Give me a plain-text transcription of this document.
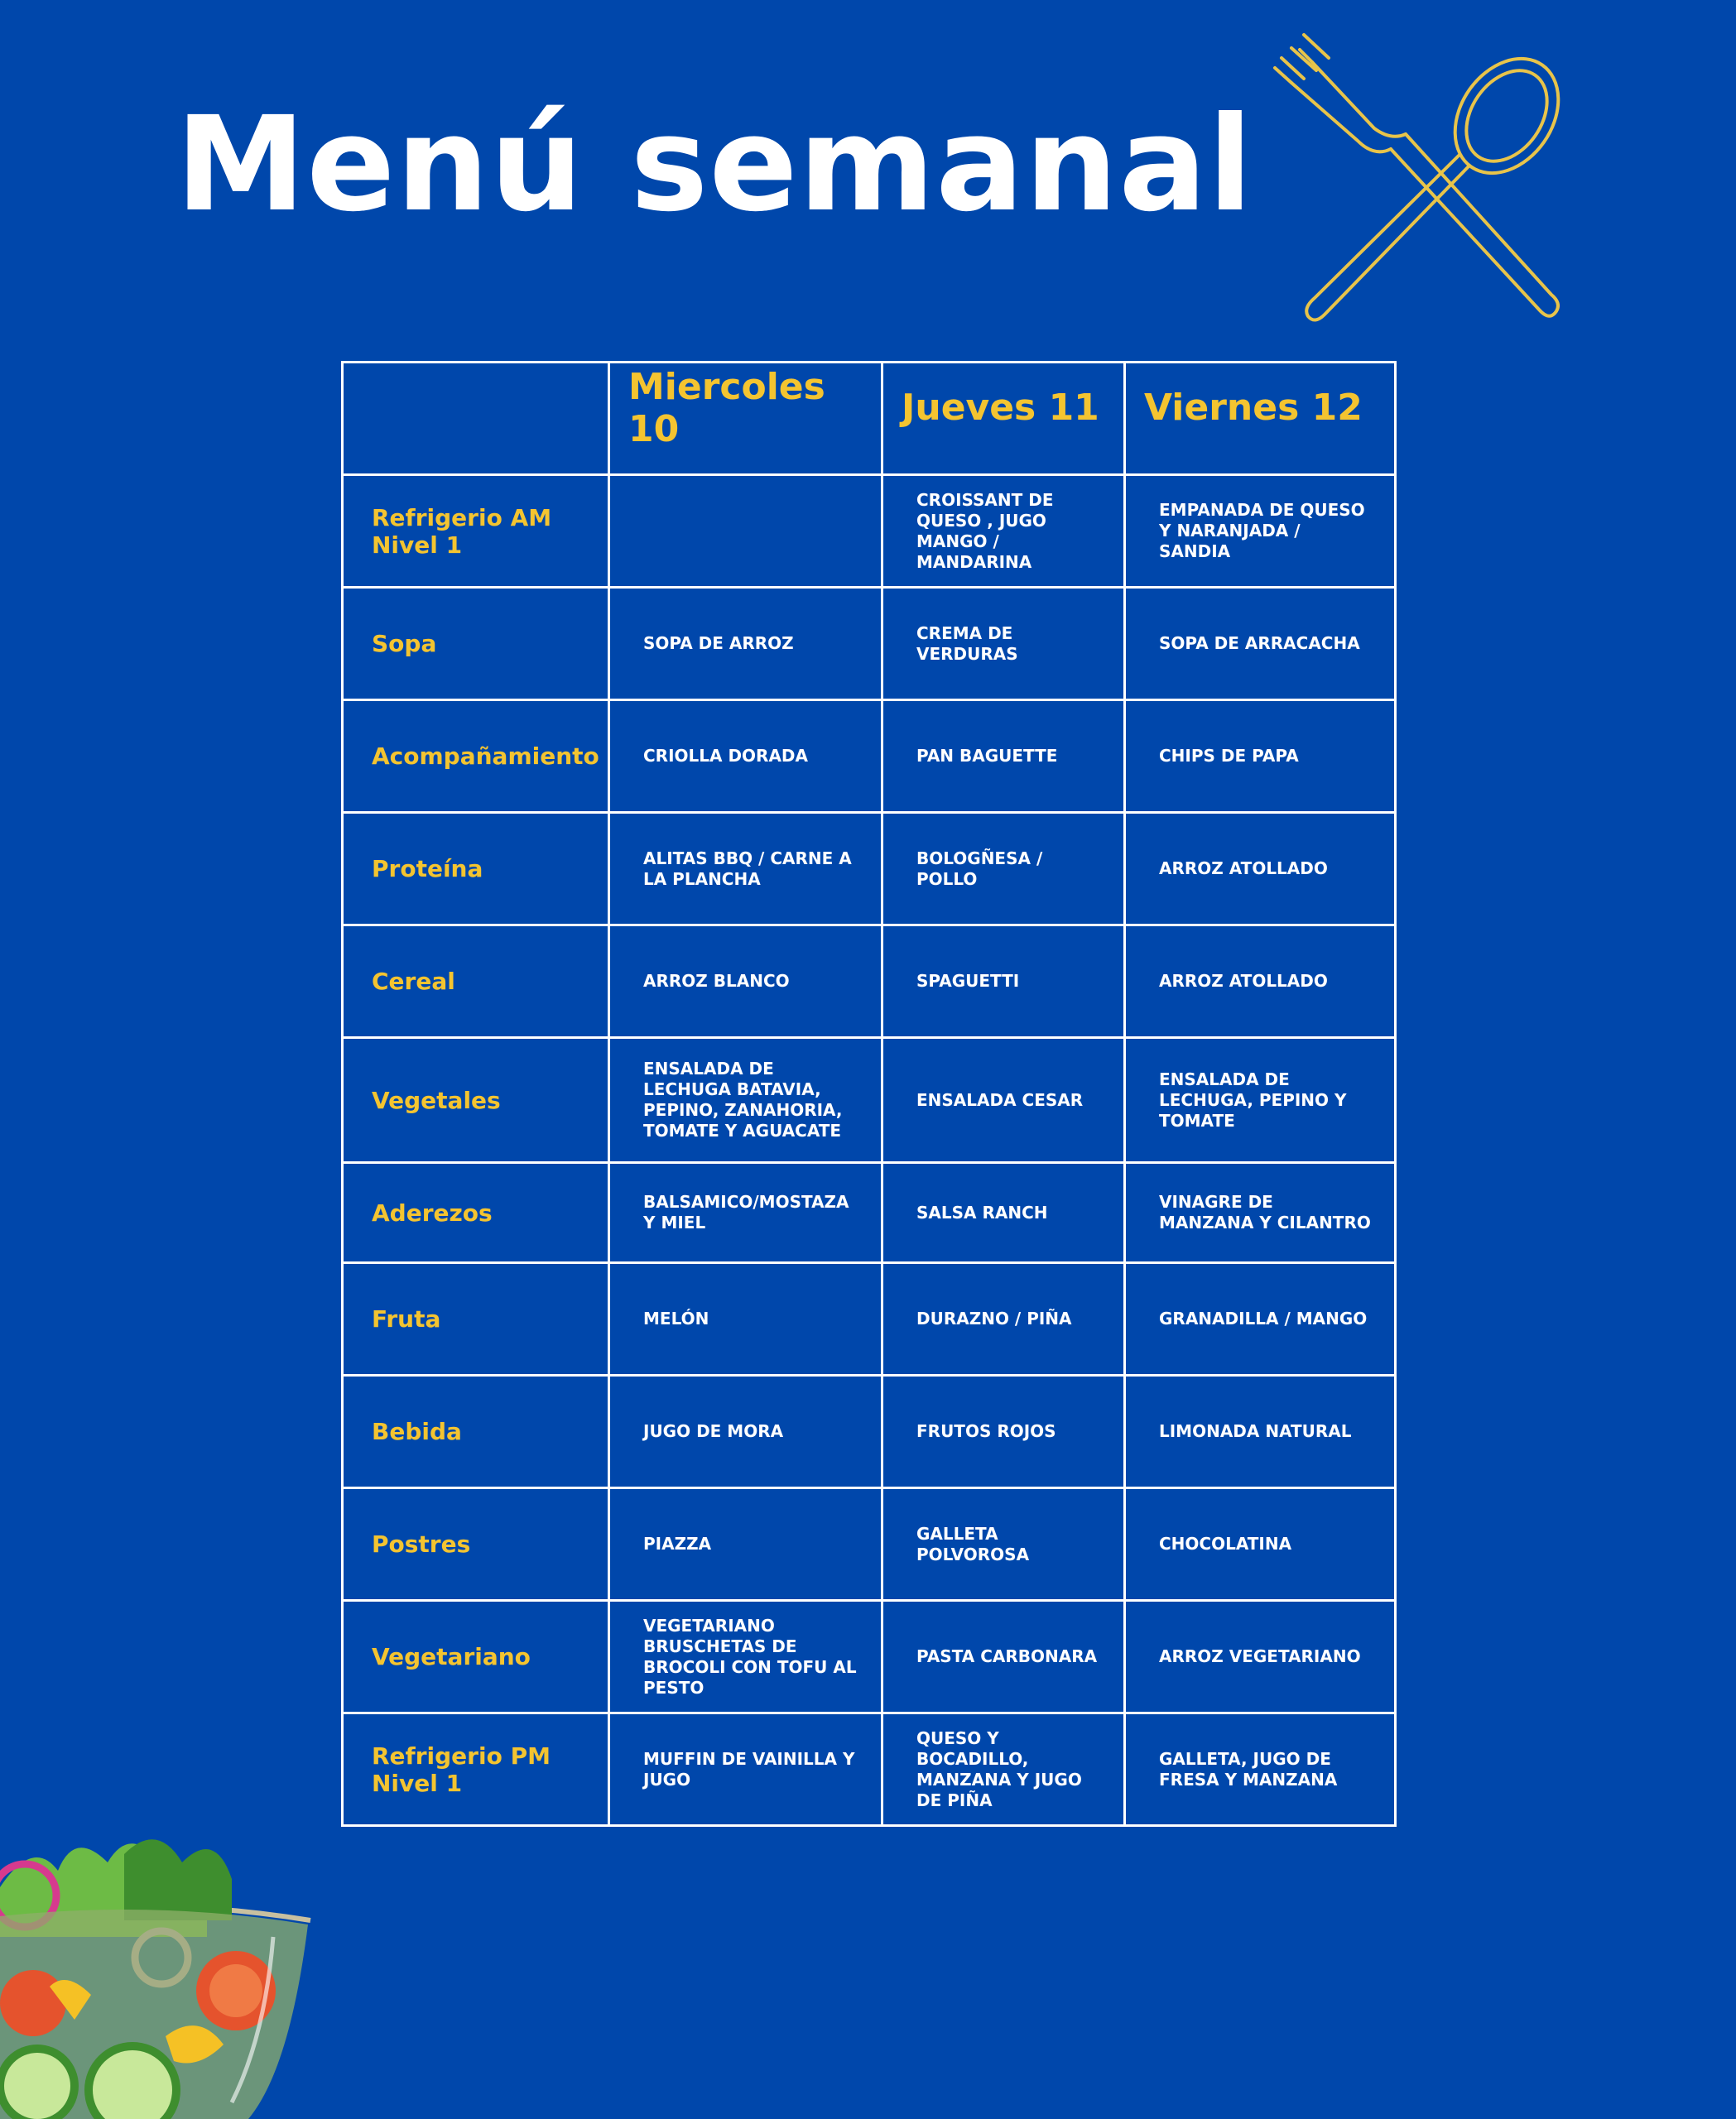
Menú semanal

	Miercoles 10	Jueves 11	Viernes 12

Refrigerio AM Nivel 1		CROISSANT DE QUESO , JUGO MANGO / MANDARINA	EMPANADA DE QUESO Y NARANJADA / SANDIA
Sopa	SOPA DE ARROZ	CREMA DE VERDURAS	SOPA DE ARRACACHA
Acompañamiento	CRIOLLA DORADA	PAN BAGUETTE	CHIPS DE PAPA
Proteína	ALITAS BBQ / CARNE A LA PLANCHA	BOLOGÑESA / POLLO	ARROZ ATOLLADO
Cereal	ARROZ BLANCO	SPAGUETTI	ARROZ ATOLLADO
Vegetales	ENSALADA DE LECHUGA BATAVIA, PEPINO, ZANAHORIA, TOMATE Y AGUACATE	ENSALADA CESAR	ENSALADA DE LECHUGA, PEPINO Y TOMATE
Aderezos	BALSAMICO/MOSTAZA Y MIEL	SALSA RANCH	VINAGRE DE MANZANA Y CILANTRO
Fruta	MELÓN	DURAZNO / PIÑA	GRANADILLA / MANGO
Bebida	JUGO DE MORA	FRUTOS ROJOS	LIMONADA NATURAL
Postres	PIAZZA	GALLETA POLVOROSA	CHOCOLATINA
Vegetariano	VEGETARIANO BRUSCHETAS DE BROCOLI CON TOFU AL PESTO	PASTA CARBONARA	ARROZ VEGETARIANO
Refrigerio PM Nivel 1	MUFFIN DE VAINILLA Y JUGO	QUESO Y BOCADILLO, MANZANA Y JUGO DE PIÑA	GALLETA, JUGO DE FRESA Y MANZANA
